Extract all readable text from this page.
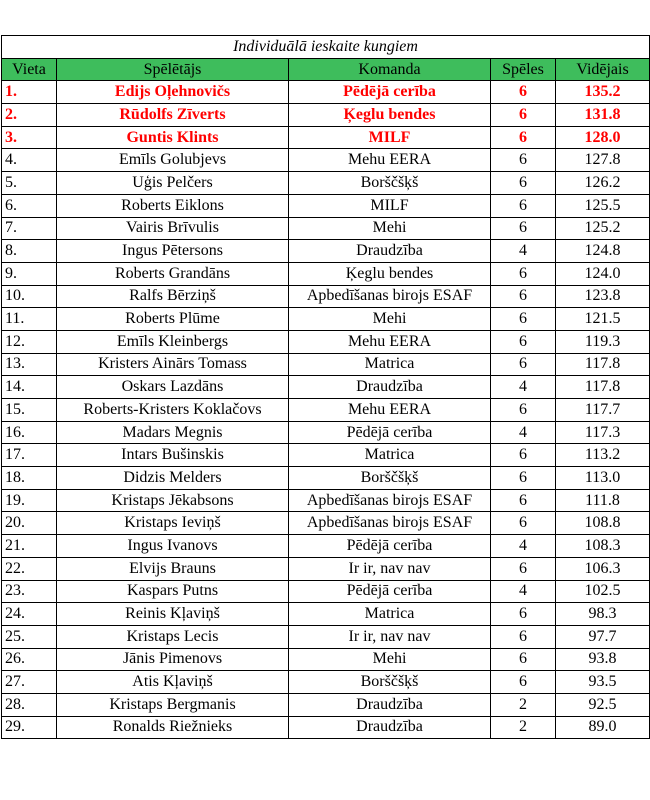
Individuālā ieskaite kungiem				
Vieta	Spēlētājs	Komanda	Spēles	Vidējais
1.	Edijs Oļehnovičs	Pēdējā cerība	6	135.2
2.	Rūdolfs Zīverts	Ķeglu bendes	6	131.8
3.	Guntis Klints	MILF	6	128.0
4.	Emīls Golubjevs	Mehu EERA	6	127.8
5.	Uģis Pelčers	Borščšķš	6	126.2
6.	Roberts Eiklons	MILF	6	125.5
7.	Vairis Brīvulis	Mehi	6	125.2
8.	Ingus Pētersons	Draudzība	4	124.8
9.	Roberts Grandāns	Ķeglu bendes	6	124.0
10.	Ralfs Bērziņš	Apbedīšanas birojs ESAF	6	123.8
11.	Roberts Plūme	Mehi	6	121.5
12.	Emīls Kleinbergs	Mehu EERA	6	119.3
13.	Kristers Ainārs Tomass	Matrica	6	117.8
14.	Oskars Lazdāns	Draudzība	4	117.8
15.	Roberts-Kristers Koklačovs	Mehu EERA	6	117.7
16.	Madars Megnis	Pēdējā cerība	4	117.3
17.	Intars Bušinskis	Matrica	6	113.2
18.	Didzis Melders	Borščšķš	6	113.0
19.	Kristaps Jēkabsons	Apbedīšanas birojs ESAF	6	111.8
20.	Kristaps Ieviņš	Apbedīšanas birojs ESAF	6	108.8
21.	Ingus Ivanovs	Pēdējā cerība	4	108.3
22.	Elvijs Brauns	Ir ir, nav nav	6	106.3
23.	Kaspars Putns	Pēdējā cerība	4	102.5
24.	Reinis Kļaviņš	Matrica	6	98.3
25.	Kristaps Lecis	Ir ir, nav nav	6	97.7
26.	Jānis Pimenovs	Mehi	6	93.8
27.	Atis Kļaviņš	Borščšķš	6	93.5
28.	Kristaps Bergmanis	Draudzība	2	92.5
29.	Ronalds Riežnieks	Draudzība	2	89.0
